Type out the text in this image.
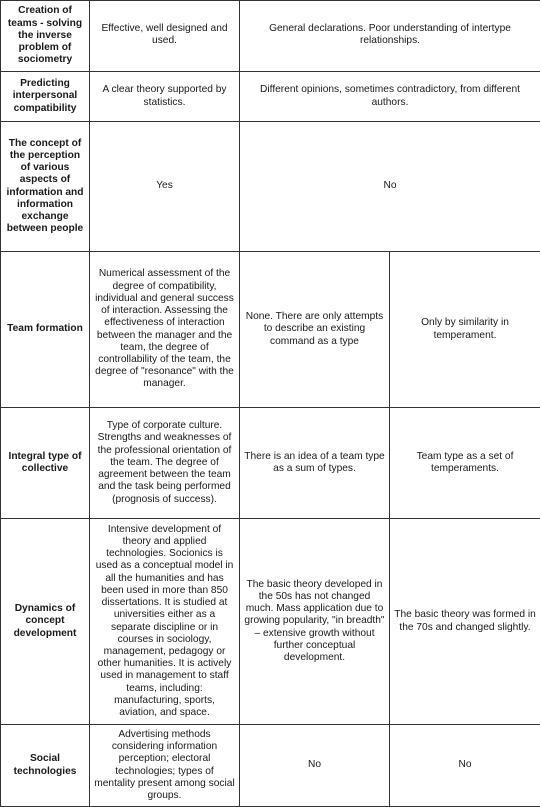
Creation of teams - solving the inverse problem of sociometry	Effective, well designed and used.	General declarations. Poor understanding of intertype relationships.	
Predicting interpersonal compatibility	A clear theory supported by statistics.	Different opinions, sometimes contradictory, from different authors.	
The concept of the perception of various aspects of information and information exchange between people	Yes	No	
Team formation	Numerical assessment of the degree of compatibility, individual and general success of interaction. Assessing the effectiveness of interaction between the manager and the team, the degree of controllability of the team, the degree of "resonance" with the manager.	None. There are only attempts to describe an existing command as a type	Only by similarity in temperament.
Integral type of collective	Type of corporate culture. Strengths and weaknesses of the professional orientation of the team. The degree of agreement between the team and the task being performed (prognosis of success).	There is an idea of a team type as a sum of types.	Team type as a set of temperaments.
Dynamics of concept development	Intensive development of theory and applied technologies. Socionics is used as a conceptual model in all the humanities and has been used in more than 850 dissertations. It is studied at universities either as a separate discipline or in courses in sociology, management, pedagogy or other humanities. It is actively used in management to staff teams, including: manufacturing, sports, aviation, and space.	The basic theory developed in the 50s has not changed much. Mass application due to growing popularity, "in breadth" – extensive growth without further conceptual development.	The basic theory was formed in the 70s and changed slightly.
Social technologies	Advertising methods considering information perception; electoral technologies; types of mentality present among social groups.	No	No
